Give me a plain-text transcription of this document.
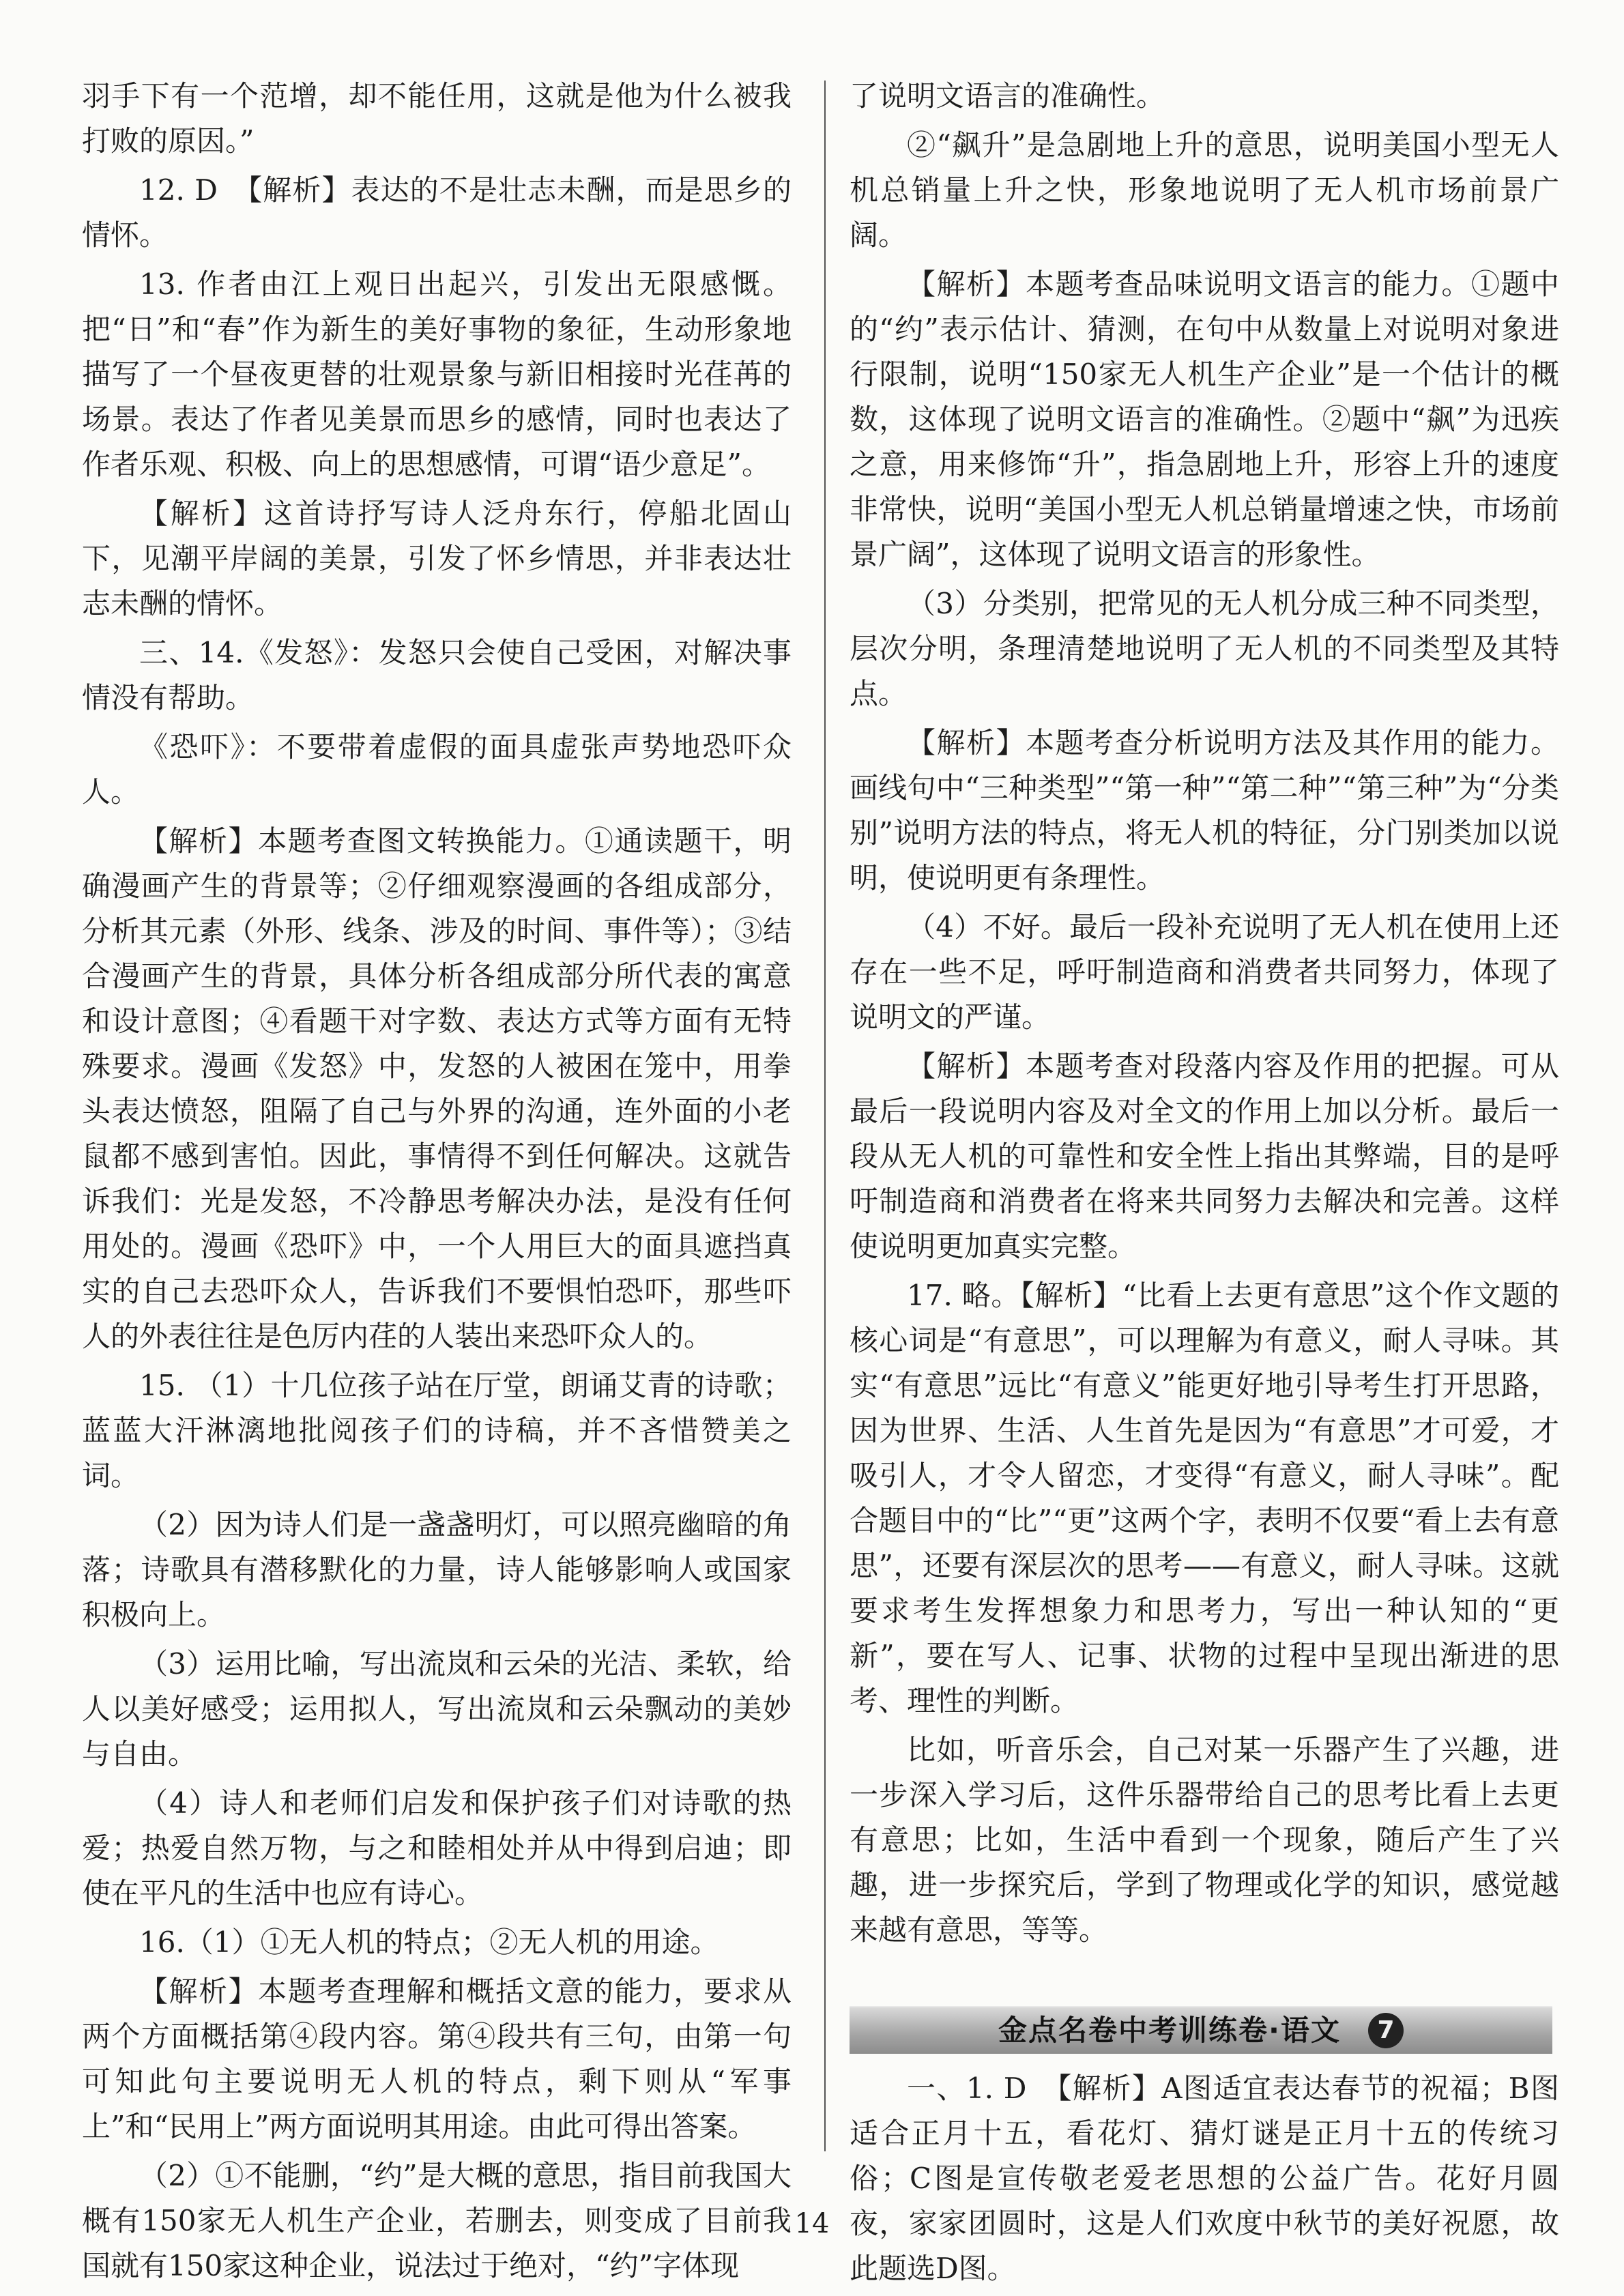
羽手下有一个范增，却不能任用，这就是他为什么被我打败的原因。”

12. D　【解析】表达的不是壮志未酬，而是思乡的情怀。

13. 作者由江上观日出起兴，引发出无限感慨。把“日”和“春”作为新生的美好事物的象征，生动形象地描写了一个昼夜更替的壮观景象与新旧相接时光荏苒的场景。表达了作者见美景而思乡的感情，同时也表达了作者乐观、积极、向上的思想感情，可谓“语少意足”。

【解析】这首诗抒写诗人泛舟东行，停船北固山下，见潮平岸阔的美景，引发了怀乡情思，并非表达壮志未酬的情怀。

三、14.《发怒》：发怒只会使自己受困，对解决事情没有帮助。

《恐吓》：不要带着虚假的面具虚张声势地恐吓众人。

【解析】本题考查图文转换能力。①通读题干，明确漫画产生的背景等；②仔细观察漫画的各组成部分，分析其元素（外形、线条、涉及的时间、事件等）；③结合漫画产生的背景，具体分析各组成部分所代表的寓意和设计意图；④看题干对字数、表达方式等方面有无特殊要求。漫画《发怒》中，发怒的人被困在笼中，用拳头表达愤怒，阻隔了自己与外界的沟通，连外面的小老鼠都不感到害怕。因此，事情得不到任何解决。这就告诉我们：光是发怒，不冷静思考解决办法，是没有任何用处的。漫画《恐吓》中，一个人用巨大的面具遮挡真实的自己去恐吓众人，告诉我们不要惧怕恐吓，那些吓人的外表往往是色厉内荏的人装出来恐吓众人的。

15. （1）十几位孩子站在厅堂，朗诵艾青的诗歌；蓝蓝大汗淋漓地批阅孩子们的诗稿，并不吝惜赞美之词。

（2）因为诗人们是一盏盏明灯，可以照亮幽暗的角落；诗歌具有潜移默化的力量，诗人能够影响人或国家积极向上。

（3）运用比喻，写出流岚和云朵的光洁、柔软，给人以美好感受；运用拟人，写出流岚和云朵飘动的美妙与自由。

（4）诗人和老师们启发和保护孩子们对诗歌的热爱；热爱自然万物，与之和睦相处并从中得到启迪；即使在平凡的生活中也应有诗心。

16.（1）①无人机的特点；②无人机的用途。

【解析】本题考查理解和概括文意的能力，要求从两个方面概括第④段内容。第④段共有三句，由第一句可知此句主要说明无人机的特点，剩下则从“军事上”和“民用上”两方面说明其用途。由此可得出答案。

（2）①不能删，“约”是大概的意思，指目前我国大概有150家无人机生产企业，若删去，则变成了目前我国就有150家这种企业，说法过于绝对，“约”字体现

了说明文语言的准确性。

②“飙升”是急剧地上升的意思，说明美国小型无人机总销量上升之快，形象地说明了无人机市场前景广阔。

【解析】本题考查品味说明文语言的能力。①题中的“约”表示估计、猜测，在句中从数量上对说明对象进行限制，说明“150家无人机生产企业”是一个估计的概数，这体现了说明文语言的准确性。②题中“飙”为迅疾之意，用来修饰“升”，指急剧地上升，形容上升的速度非常快，说明“美国小型无人机总销量增速之快，市场前景广阔”，这体现了说明文语言的形象性。

（3）分类别，把常见的无人机分成三种不同类型，层次分明，条理清楚地说明了无人机的不同类型及其特点。

【解析】本题考查分析说明方法及其作用的能力。画线句中“三种类型”“第一种”“第二种”“第三种”为“分类别”说明方法的特点，将无人机的特征，分门别类加以说明，使说明更有条理性。

（4）不好。最后一段补充说明了无人机在使用上还存在一些不足，呼吁制造商和消费者共同努力，体现了说明文的严谨。

【解析】本题考查对段落内容及作用的把握。可从最后一段说明内容及对全文的作用上加以分析。最后一段从无人机的可靠性和安全性上指出其弊端，目的是呼吁制造商和消费者在将来共同努力去解决和完善。这样使说明更加真实完整。

17. 略。【解析】“比看上去更有意思”这个作文题的核心词是“有意思”，可以理解为有意义，耐人寻味。其实“有意思”远比“有意义”能更好地引导考生打开思路，因为世界、生活、人生首先是因为“有意思”才可爱，才吸引人，才令人留恋，才变得“有意义，耐人寻味”。配合题目中的“比”“更”这两个字，表明不仅要“看上去有意思”，还要有深层次的思考——有意义，耐人寻味。这就要求考生发挥想象力和思考力，写出一种认知的“更新”，要在写人、记事、状物的过程中呈现出渐进的思考、理性的判断。

比如，听音乐会，自己对某一乐器产生了兴趣，进一步深入学习后，这件乐器带给自己的思考比看上去更有意思；比如，生活中看到一个现象，随后产生了兴趣，进一步探究后，学到了物理或化学的知识，感觉越来越有意思，等等。

金点名卷中考训练卷·语文	7

一、1. D　【解析】A图适宜表达春节的祝福；B图适合正月十五，看花灯、猜灯谜是正月十五的传统习俗；C图是宣传敬老爱老思想的公益广告。花好月圆夜，家家团圆时，这是人们欢度中秋节的美好祝愿，故此题选D图。

14
